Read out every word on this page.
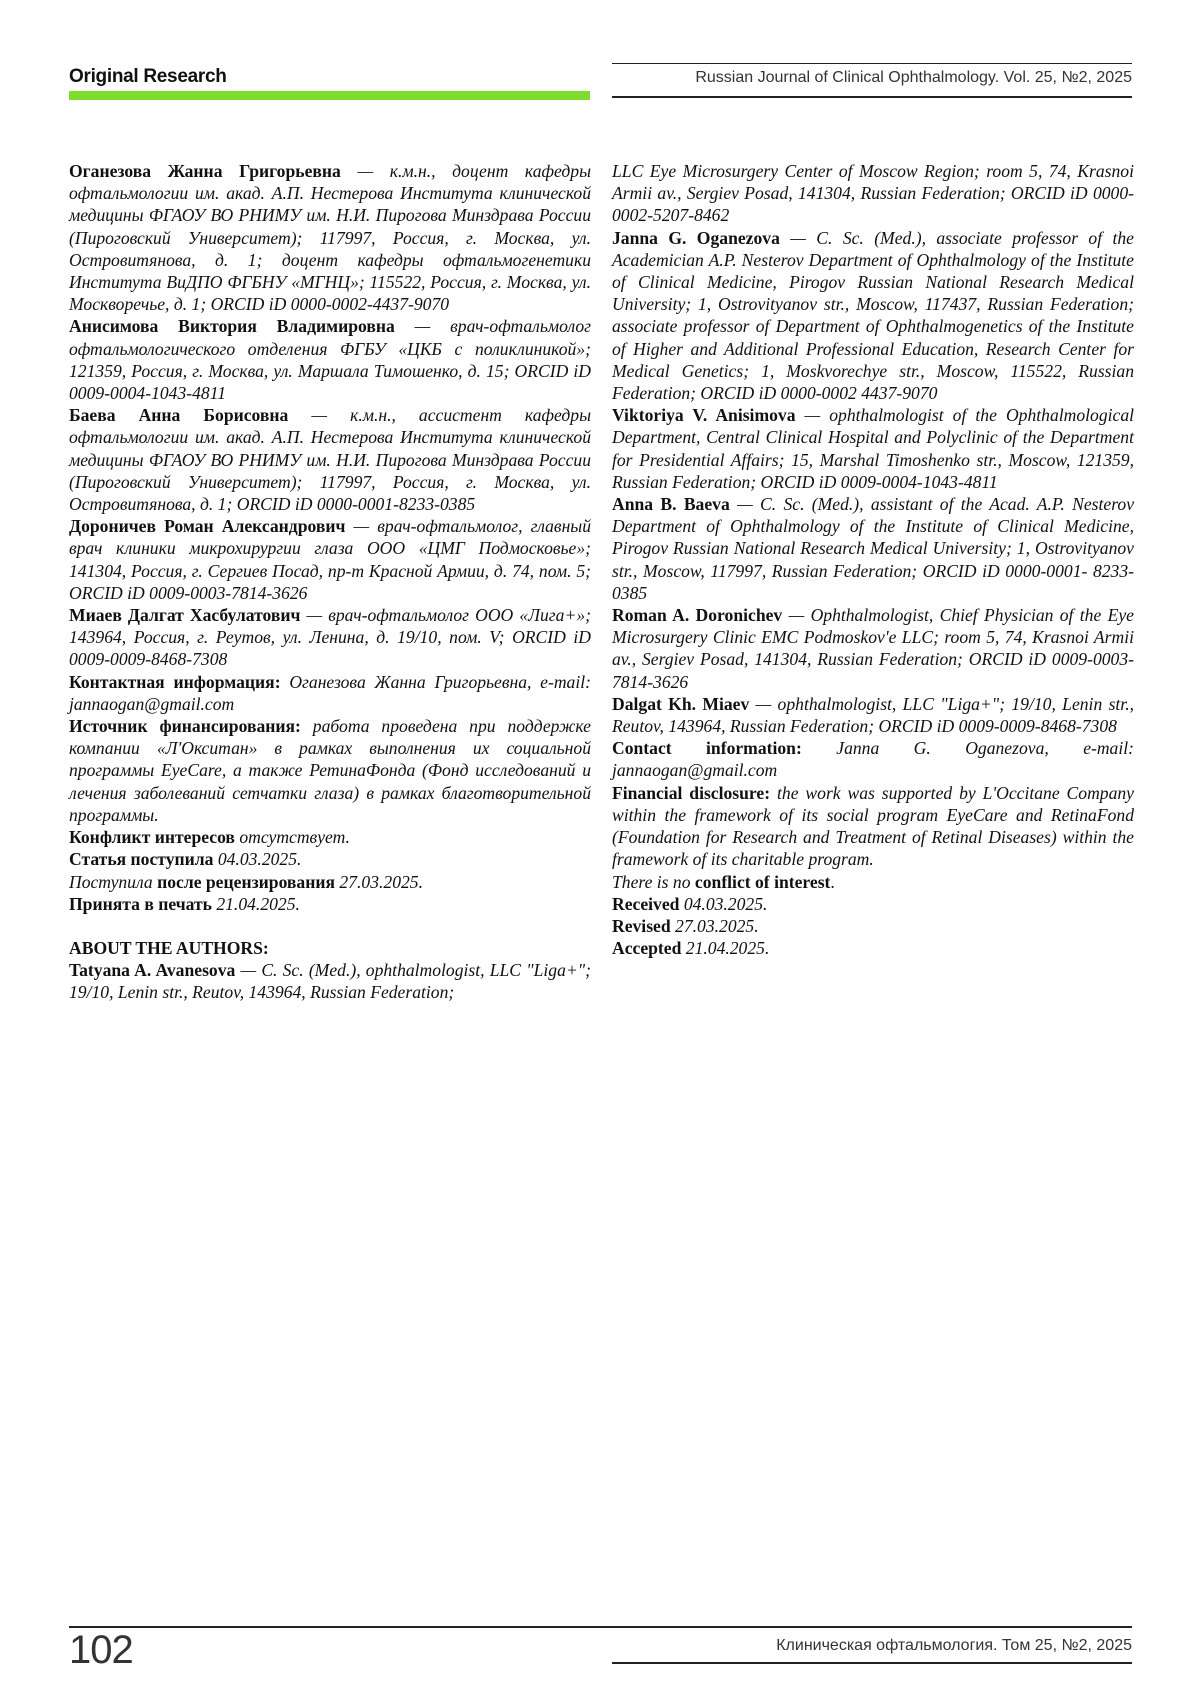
Original Research	Russian Journal of Clinical Ophthalmology. Vol. 25, №2, 2025

Оганезова Жанна Григорьевна — к.м.н., доцент кафедры офтальмологии им. акад. А.П. Нестерова Института клинической медицины ФГАОУ ВО РНИМУ им. Н.И. Пирогова Минздрава России (Пироговский Университет); 117997, Россия, г. Москва, ул. Островитянова, д. 1; доцент кафедры офтальмогенетики Института ВиДПО ФГБНУ «МГНЦ»; 115522, Россия, г. Москва, ул. Москворечье, д. 1; ORCID iD 0000-0002-4437-9070

Анисимова Виктория Владимировна — врач-офтальмолог офтальмологического отделения ФГБУ «ЦКБ с поликлиникой»; 121359, Россия, г. Москва, ул. Маршала Тимошенко, д. 15; ORCID iD 0009-0004-1043-4811

Баева Анна Борисовна — к.м.н., ассистент кафедры офтальмологии им. акад. А.П. Нестерова Института клинической медицины ФГАОУ ВО РНИМУ им. Н.И. Пирогова Минздрава России (Пироговский Университет); 117997, Россия, г. Москва, ул. Островитянова, д. 1; ORCID iD 0000-0001-8233-0385

Дороничев Роман Александрович — врач-офтальмолог, главный врач клиники микрохирургии глаза ООО «ЦМГ Подмосковье»; 141304, Россия, г. Сергиев Посад, пр-т Красной Армии, д. 74, пом. 5; ORCID iD 0009-0003-7814-3626

Миаев Далгат Хасбулатович — врач-офтальмолог ООО «Лига+»; 143964, Россия, г. Реутов, ул. Ленина, д. 19/10, пом. V; ORCID iD 0009-0009-8468-7308

Контактная информация: Оганезова Жанна Григорьевна, e-mail: jannaogan@gmail.com

Источник финансирования: работа проведена при поддержке компании «Л'Окситан» в рамках выполнения их социальной программы EyeCare, а также РетинаФонда (Фонд исследований и лечения заболеваний сетчатки глаза) в рамках благотворительной программы.

Конфликт интересов отсутствует.

Статья поступила 04.03.2025.

Поступила после рецензирования 27.03.2025.

Принята в печать 21.04.2025.

ABOUT THE AUTHORS:

Tatyana A. Avanesova — C. Sc. (Med.), ophthalmologist, LLC "Liga+"; 19/10, Lenin str., Reutov, 143964, Russian Federation;

LLC Eye Microsurgery Center of Moscow Region; room 5, 74, Krasnoi Armii av., Sergiev Posad, 141304, Russian Federation; ORCID iD 0000-0002-5207-8462

Janna G. Oganezova — C. Sc. (Med.), associate professor of the Academician A.P. Nesterov Department of Ophthalmology of the Institute of Clinical Medicine, Pirogov Russian National Research Medical University; 1, Ostrovityanov str., Moscow, 117437, Russian Federation; associate professor of Department of Ophthalmogenetics of the Institute of Higher and Additional Professional Education, Research Center for Medical Genetics; 1, Moskvorechye str., Moscow, 115522, Russian Federation; ORCID iD 0000-0002 4437-9070

Viktoriya V. Anisimova — ophthalmologist of the Ophthalmological Department, Central Clinical Hospital and Polyclinic of the Department for Presidential Affairs; 15, Marshal Timoshenko str., Moscow, 121359, Russian Federation; ORCID iD 0009-0004-1043-4811

Anna B. Baeva — C. Sc. (Med.), assistant of the Acad. A.P. Nesterov Department of Ophthalmology of the Institute of Clinical Medicine, Pirogov Russian National Research Medical University; 1, Ostrovityanov str., Moscow, 117997, Russian Federation; ORCID iD 0000-0001- 8233-0385

Roman A. Doronichev — Ophthalmologist, Chief Physician of the Eye Microsurgery Clinic EMC Podmoskov'e LLC; room 5, 74, Krasnoi Armii av., Sergiev Posad, 141304, Russian Federation; ORCID iD 0009-0003-7814-3626

Dalgat Kh. Miaev — ophthalmologist, LLC "Liga+"; 19/10, Lenin str., Reutov, 143964, Russian Federation; ORCID iD 0009-0009-8468-7308

Contact information: Janna G. Oganezova, e-mail: jannaogan@gmail.com

Financial disclosure: the work was supported by L'Occitane Company within the framework of its social program EyeCare and RetinaFond (Foundation for Research and Treatment of Retinal Diseases) within the framework of its charitable program.

There is no conflict of interest.

Received 04.03.2025.

Revised 27.03.2025.

Accepted 21.04.2025.

102	Клиническая офтальмология. Том 25, №2, 2025
